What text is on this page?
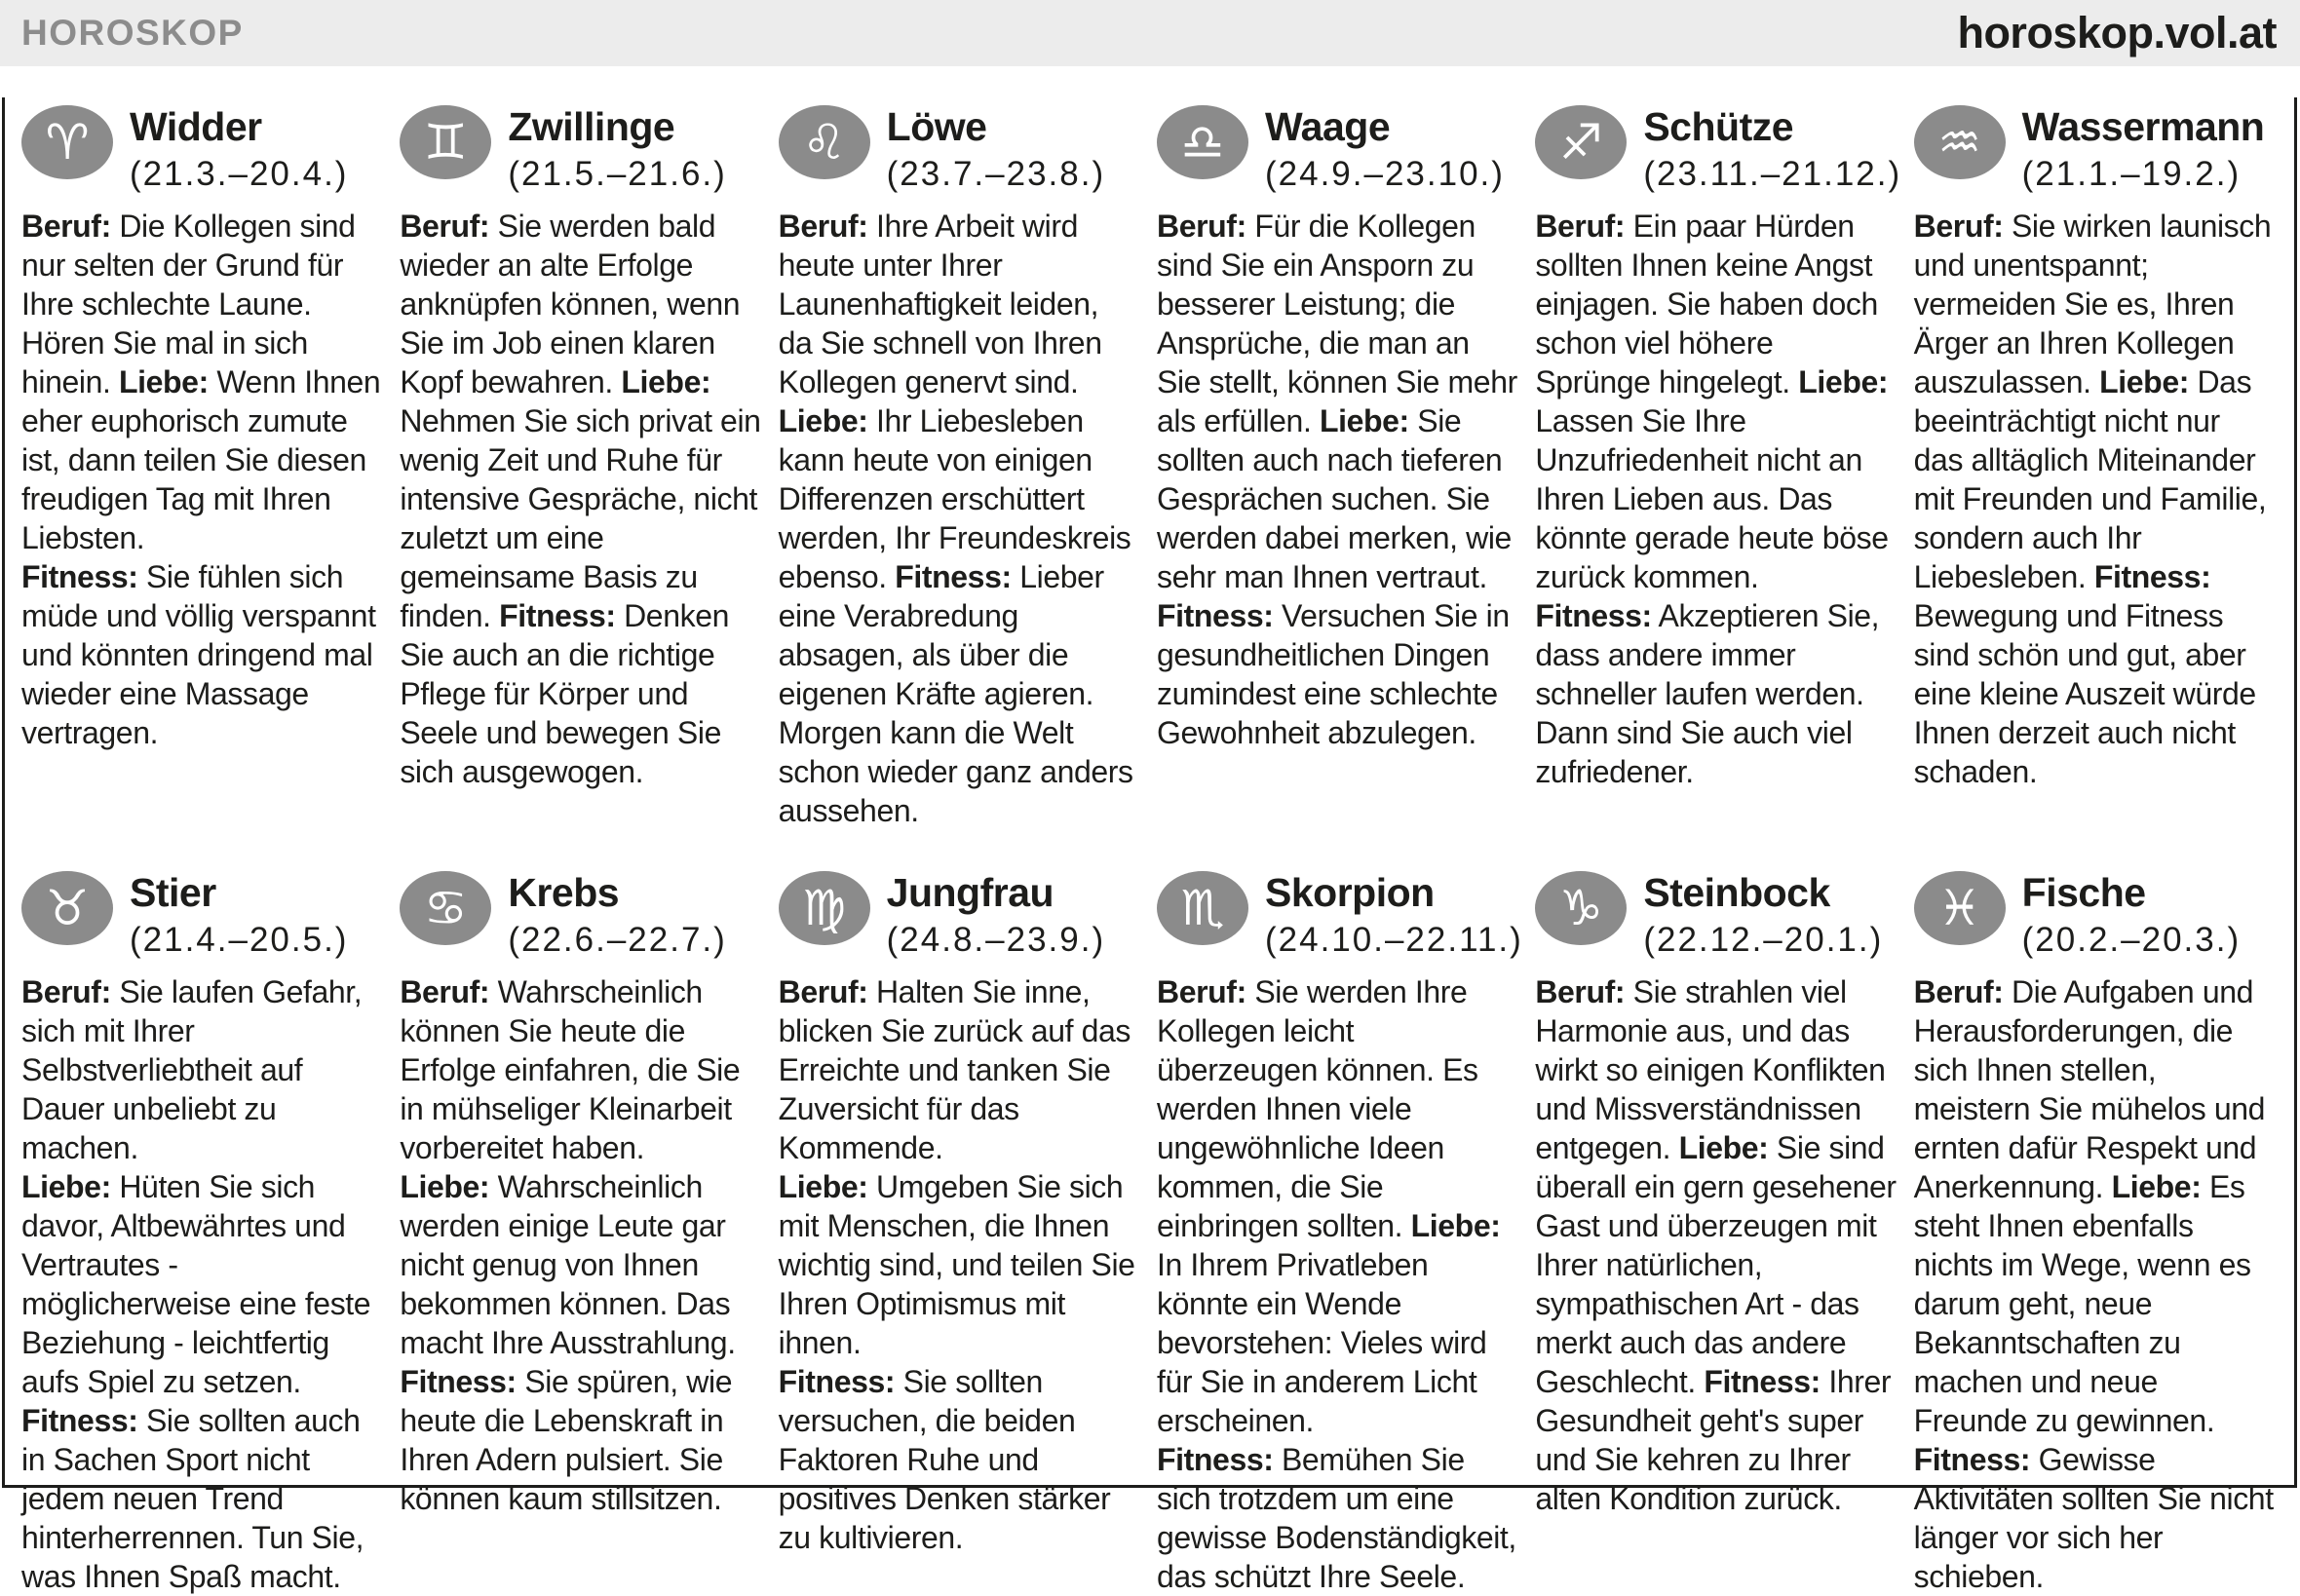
HOROSKOP	horoskop.vol.at
♈ Widder
(21.3.–20.4.)
Beruf: Die Kollegen sind nur selten der Grund für Ihre schlechte Laune. Hören Sie mal in sich hinein. Liebe: Wenn Ihnen eher euphorisch zumute ist, dann teilen Sie diesen freudigen Tag mit Ihren Liebsten.
Fitness: Sie fühlen sich müde und völlig verspannt und könnten dringend mal wieder eine Massage vertragen.
♊ Zwillinge
(21.5.–21.6.)
Beruf: Sie werden bald wieder an alte Erfolge anknüpfen können, wenn Sie im Job einen klaren Kopf bewahren. Liebe: Nehmen Sie sich privat ein wenig Zeit und Ruhe für intensive Gespräche, nicht zuletzt um eine gemeinsame Basis zu finden. Fitness: Denken Sie auch an die richtige Pflege für Körper und Seele und bewegen Sie sich ausgewogen.
♌ Löwe
(23.7.–23.8.)
Beruf: Ihre Arbeit wird heute unter Ihrer Launenhaftigkeit leiden, da Sie schnell von Ihren Kollegen genervt sind. Liebe: Ihr Liebesleben kann heute von einigen Differenzen erschüttert werden, Ihr Freundeskreis ebenso. Fitness: Lieber eine Verabredung absagen, als über die eigenen Kräfte agieren. Morgen kann die Welt schon wieder ganz anders aussehen.
♎ Waage
(24.9.–23.10.)
Beruf: Für die Kollegen sind Sie ein Ansporn zu besserer Leistung; die Ansprüche, die man an Sie stellt, können Sie mehr als erfüllen. Liebe: Sie sollten auch nach tieferen Gesprächen suchen. Sie werden dabei merken, wie sehr man Ihnen vertraut.
Fitness: Versuchen Sie in gesundheitlichen Dingen zumindest eine schlechte Gewohnheit abzulegen.
♐ Schütze
(23.11.–21.12.)
Beruf: Ein paar Hürden sollten Ihnen keine Angst einjagen. Sie haben doch schon viel höhere Sprünge hingelegt. Liebe: Lassen Sie Ihre Unzufriedenheit nicht an Ihren Lieben aus. Das könnte gerade heute böse zurück kommen.
Fitness: Akzeptieren Sie, dass andere immer schneller laufen werden. Dann sind Sie auch viel zufriedener.
♒ Wassermann
(21.1.–19.2.)
Beruf: Sie wirken launisch und unentspannt; vermeiden Sie es, Ihren Ärger an Ihren Kollegen auszulassen. Liebe: Das beeinträchtigt nicht nur das alltäglich Miteinander mit Freunden und Familie, sondern auch Ihr Liebesleben. Fitness: Bewegung und Fitness sind schön und gut, aber eine kleine Auszeit würde Ihnen derzeit auch nicht schaden.
♉ Stier
(21.4.–20.5.)
Beruf: Sie laufen Gefahr, sich mit Ihrer Selbstverliebtheit auf Dauer unbeliebt zu machen.
Liebe: Hüten Sie sich davor, Altbewährtes und Vertrautes - möglicherweise eine feste Beziehung - leichtfertig aufs Spiel zu setzen. Fitness: Sie sollten auch in Sachen Sport nicht jedem neuen Trend hinterherrennen. Tun Sie, was Ihnen Spaß macht.
♋ Krebs
(22.6.–22.7.)
Beruf: Wahrscheinlich können Sie heute die Erfolge einfahren, die Sie in mühseliger Kleinarbeit vorbereitet haben.
Liebe: Wahrscheinlich werden einige Leute gar nicht genug von Ihnen bekommen können. Das macht Ihre Ausstrahlung.
Fitness: Sie spüren, wie heute die Lebenskraft in Ihren Adern pulsiert. Sie können kaum stillsitzen.
♍ Jungfrau
(24.8.–23.9.)
Beruf: Halten Sie inne, blicken Sie zurück auf das Erreichte und tanken Sie Zuversicht für das Kommende.
Liebe: Umgeben Sie sich mit Menschen, die Ihnen wichtig sind, und teilen Sie Ihren Optimismus mit ihnen.
Fitness: Sie sollten versuchen, die beiden Faktoren Ruhe und positives Denken stärker zu kultivieren.
♏ Skorpion
(24.10.–22.11.)
Beruf: Sie werden Ihre Kollegen leicht überzeugen können. Es werden Ihnen viele ungewöhnliche Ideen kommen, die Sie einbringen sollten. Liebe: In Ihrem Privatleben könnte ein Wende bevorstehen: Vieles wird für Sie in anderem Licht erscheinen.
Fitness: Bemühen Sie sich trotzdem um eine gewisse Bodenständigkeit, das schützt Ihre Seele.
♑ Steinbock
(22.12.–20.1.)
Beruf: Sie strahlen viel Harmonie aus, und das wirkt so einigen Konflikten und Missverständnissen entgegen. Liebe: Sie sind überall ein gern gesehener Gast und überzeugen mit Ihrer natürlichen, sympathischen Art - das merkt auch das andere Geschlecht. Fitness: Ihrer Gesundheit geht's super und Sie kehren zu Ihrer alten Kondition zurück.
♓ Fische
(20.2.–20.3.)
Beruf: Die Aufgaben und Herausforderungen, die sich Ihnen stellen, meistern Sie mühelos und ernten dafür Respekt und Anerkennung. Liebe: Es steht Ihnen ebenfalls nichts im Wege, wenn es darum geht, neue Bekanntschaften zu machen und neue Freunde zu gewinnen. Fitness: Gewisse Aktivitäten sollten Sie nicht länger vor sich her schieben.
